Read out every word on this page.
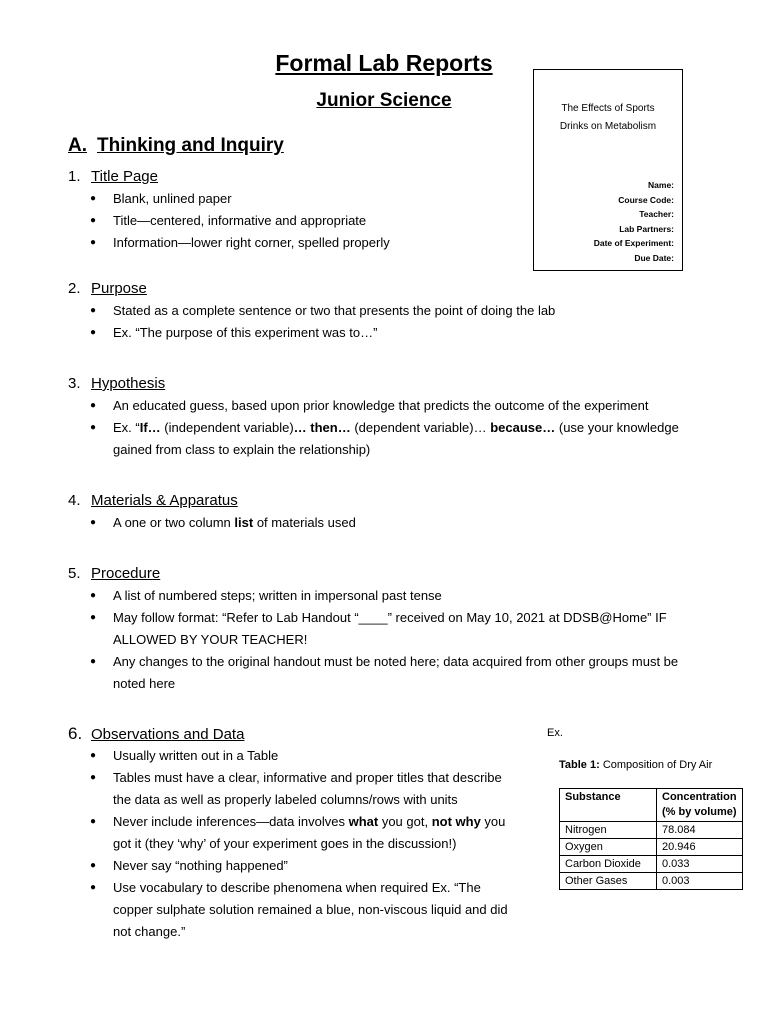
Formal Lab Reports
Junior Science
A. Thinking and Inquiry
1. Title Page
● Blank, unlined paper
● Title—centered, informative and appropriate
● Information—lower right corner, spelled properly
2. Purpose
● Stated as a complete sentence or two that presents the point of doing the lab
● Ex. “The purpose of this experiment was to…”
3. Hypothesis
● An educated guess, based upon prior knowledge that predicts the outcome of the experiment
● Ex. “If… (independent variable)… then… (dependent variable)… because… (use your knowledge
gained from class to explain the relationship)
4. Materials & Apparatus
● A one or two column list of materials used
5. Procedure
● A list of numbered steps; written in impersonal past tense
● May follow format: “Refer to Lab Handout “____” received on May 10, 2021 at DDSB@Home” IF
ALLOWED BY YOUR TEACHER!
● Any changes to the original handout must be noted here; data acquired from other groups must be
noted here
6. Observations and Data
● Usually written out in a Table
● Tables must have a clear, informative and proper titles that describe
the data as well as properly labeled columns/rows with units
● Never include inferences—data involves what you got, not why you
got it (they ‘why’ of your experiment goes in the discussion!)
● Never say “nothing happened”
● Use vocabulary to describe phenomena when required Ex. “The
copper sulphate solution remained a blue, non-viscous liquid and did
not change.”
The Effects of Sports
Drinks on Metabolism
Name:
Course Code:
Teacher:
Lab Partners:
Date of Experiment:
Due Date:
Ex.
Table 1: Composition of Dry Air
Substance	Concentration
(% by volume)
Nitrogen	78.084
Oxygen	20.946
Carbon Dioxide	0.033
Other Gases	0.003
